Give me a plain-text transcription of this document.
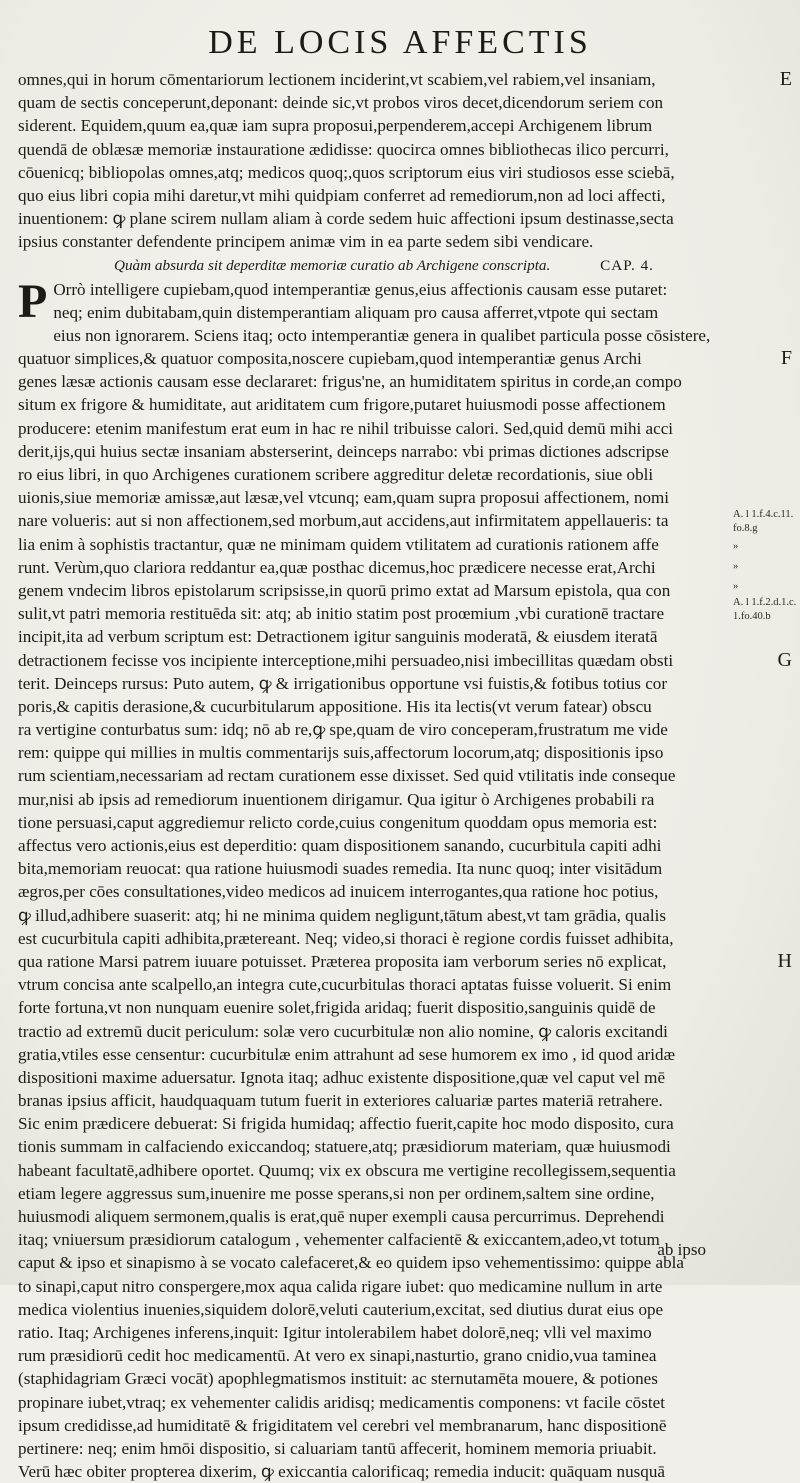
DE LOCIS AFFECTIS
omnes,qui in horum cōmentariorum lectionem inciderint,vt scabiem,vel rabiem,vel insaniam,
quam de sectis conceperunt,deponant: deinde sic,vt probos viros decet,dicendorum seriem con
siderent. Equidem,quum ea,quæ iam supra proposui,perpenderem,accepi Archigenem librum
quendā de oblæsæ memoriæ instauratione ædidisse: quocirca omnes bibliothecas ilico percurri,
cōuenicq; bibliopolas omnes,atq; medicos quoq;,quos scriptorum eius viri studiosos esse sciebā,
quo eius libri copia mihi daretur,vt mihi quidpiam conferret ad remediorum,non ad loci affecti,
inuentionem: ꝙ plane scirem nullam aliam à corde sedem huic affectioni ipsum destinasse,secta
ipsius constanter defendente principem animæ vim in ea parte sedem sibi vendicare.
Quàm absurda sit deperditæ memoriæ curatio ab Archigene conscripta.	CAP. 4.
P Orrò intelligere cupiebam,quod intemperantiæ genus,eius affectionis causam esse putaret:
neq; enim dubitabam,quin distemperantiam aliquam pro causa afferret,vtpote qui sectam
eius non ignorarem. Sciens itaq; octo intemperantiæ genera in qualibet particula posse cōsistere,
quatuor simplices,& quatuor composita,noscere cupiebam,quod intemperantiæ genus Archi
genes læsæ actionis causam esse declararet: frigus'ne, an humiditatem spiritus in corde,an compo
situm ex frigore & humiditate, aut ariditatem cum frigore,putaret huiusmodi posse affectionem
producere: etenim manifestum erat eum in hac re nihil tribuisse calori. Sed,quid demū mihi acci
derit,ijs,qui huius sectæ insaniam absterserint, deinceps narrabo: vbi primas dictiones adscripse
ro eius libri, in quo Archigenes curationem scribere aggreditur deletæ recordationis, siue obli
uionis,siue memoriæ amissæ,aut læsæ,vel vtcunq; eam,quam supra proposui affectionem, nomi
nare volueris: aut si non affectionem,sed morbum,aut accidens,aut infirmitatem appellaueris: ta
lia enim à sophistis tractantur, quæ ne minimam quidem vtilitatem ad curationis rationem affe
runt. Verùm,quo clariora reddantur ea,quæ posthac dicemus,hoc prædicere necesse erat,Archi
genem vndecim libros epistolarum scripsisse,in quorū primo extat ad Marsum epistola, qua con
sulit,vt patri memoria restituēda sit: atq; ab initio statim post proœmium ,vbi curationē tractare
incipit,ita ad verbum scriptum est: Detractionem igitur sanguinis moderatā, & eiusdem iteratā
detractionem fecisse vos incipiente interceptione,mihi persuadeo,nisi imbecillitas quædam obsti
terit. Deinceps rursus: Puto autem, ꝙ & irrigationibus opportune vsi fuistis,& fotibus totius cor
poris,& capitis derasione,& cucurbitularum appositione. His ita lectis(vt verum fatear) obscu
ra vertigine conturbatus sum: idq; nō ab re,ꝙ spe,quam de viro conceperam,frustratum me vide
rem: quippe qui millies in multis commentarijs suis,affectorum locorum,atq; dispositionis ipso
rum scientiam,necessariam ad rectam curationem esse dixisset. Sed quid vtilitatis inde conseque
mur,nisi ab ipsis ad remediorum inuentionem dirigamur. Qua igitur ò Archigenes probabili ra
tione persuasi,caput aggrediemur relicto corde,cuius congenitum quoddam opus memoria est:
affectus vero actionis,eius est deperditio: quam dispositionem sanando, cucurbitula capiti adhi
bita,memoriam reuocat: qua ratione huiusmodi suades remedia. Ita nunc quoq; inter visitādum
ægros,per cōes consultationes,video medicos ad inuicem interrogantes,qua ratione hoc potius,
ꝙ illud,adhibere suaserit: atq; hi ne minima quidem negligunt,tātum abest,vt tam grādia, qualis
est cucurbitula capiti adhibita,prætereant. Neq; video,si thoraci è regione cordis fuisset adhibita,
qua ratione Marsi patrem iuuare potuisset. Præterea proposita iam verborum series nō explicat,
vtrum concisa ante scalpello,an integra cute,cucurbitulas thoraci aptatas fuisse voluerit. Si enim
forte fortuna,vt non nunquam euenire solet,frigida aridaq; fuerit dispositio,sanguinis quidē de
tractio ad extremū ducit periculum: solæ vero cucurbitulæ non alio nomine, ꝙ caloris excitandi
gratia,vtiles esse censentur: cucurbitulæ enim attrahunt ad sese humorem ex imo , id quod aridæ
dispositioni maxime aduersatur. Ignota itaq; adhuc existente dispositione,quæ vel caput vel mē
branas ipsius afficit, haudquaquam tutum fuerit in exteriores caluariæ partes materiā retrahere.
Sic enim prædicere debuerat: Si frigida humidaq; affectio fuerit,capite hoc modo disposito, cura
tionis summam in calfaciendo exiccandoq; statuere,atq; præsidiorum materiam, quæ huiusmodi
habeant facultatē,adhibere oportet. Quumq; vix ex obscura me vertigine recollegissem,sequentia
etiam legere aggressus sum,inuenire me posse sperans,si non per ordinem,saltem sine ordine,
huiusmodi aliquem sermonem,qualis is erat,quē nuper exempli causa percurrimus. Deprehendi
itaq; vniuersum præsidiorum catalogum , vehementer calfacientē & exiccantem,adeo,vt totum
caput & ipso et sinapismo à se vocato calefaceret,& eo quidem ipso vehementissimo: quippe abla
to sinapi,caput nitro conspergere,mox aqua calida rigare iubet: quo medicamine nullum in arte
medica violentius inuenies,siquidem dolorē,veluti cauterium,excitat, sed diutius durat eius ope
ratio. Itaq; Archigenes inferens,inquit: Igitur intolerabilem habet dolorē,neq; vlli vel maximo
rum præsidiorū cedit hoc medicamentū. At vero ex sinapi,nasturtio, grano cnidio,vua taminea
(staphidagriam Græci vocāt) apophlegmatismos instituit: ac sternutamēta mouere, & potiones
propinare iubet,vtraq; ex vehementer calidis aridisq; medicamentis componens: vt facile cōstet
ipsum credidisse,ad humiditatē & frigiditatem vel cerebri vel membranarum, hanc dispositionē
pertinere: neq; enim hmōi dispositio, si caluariam tantū affecerit, hominem memoria priuabit.
Verū hæc obiter propterea dixerim, ꝙ exiccantia calorificaq; remedia inducit: quāquam nusquā
E
F
G
H
A. l 1.f.4.c.11.
fo.8.g
»
»
»
A. l 1.f.2.d.1.c.
1.fo.40.b
ab ipso
